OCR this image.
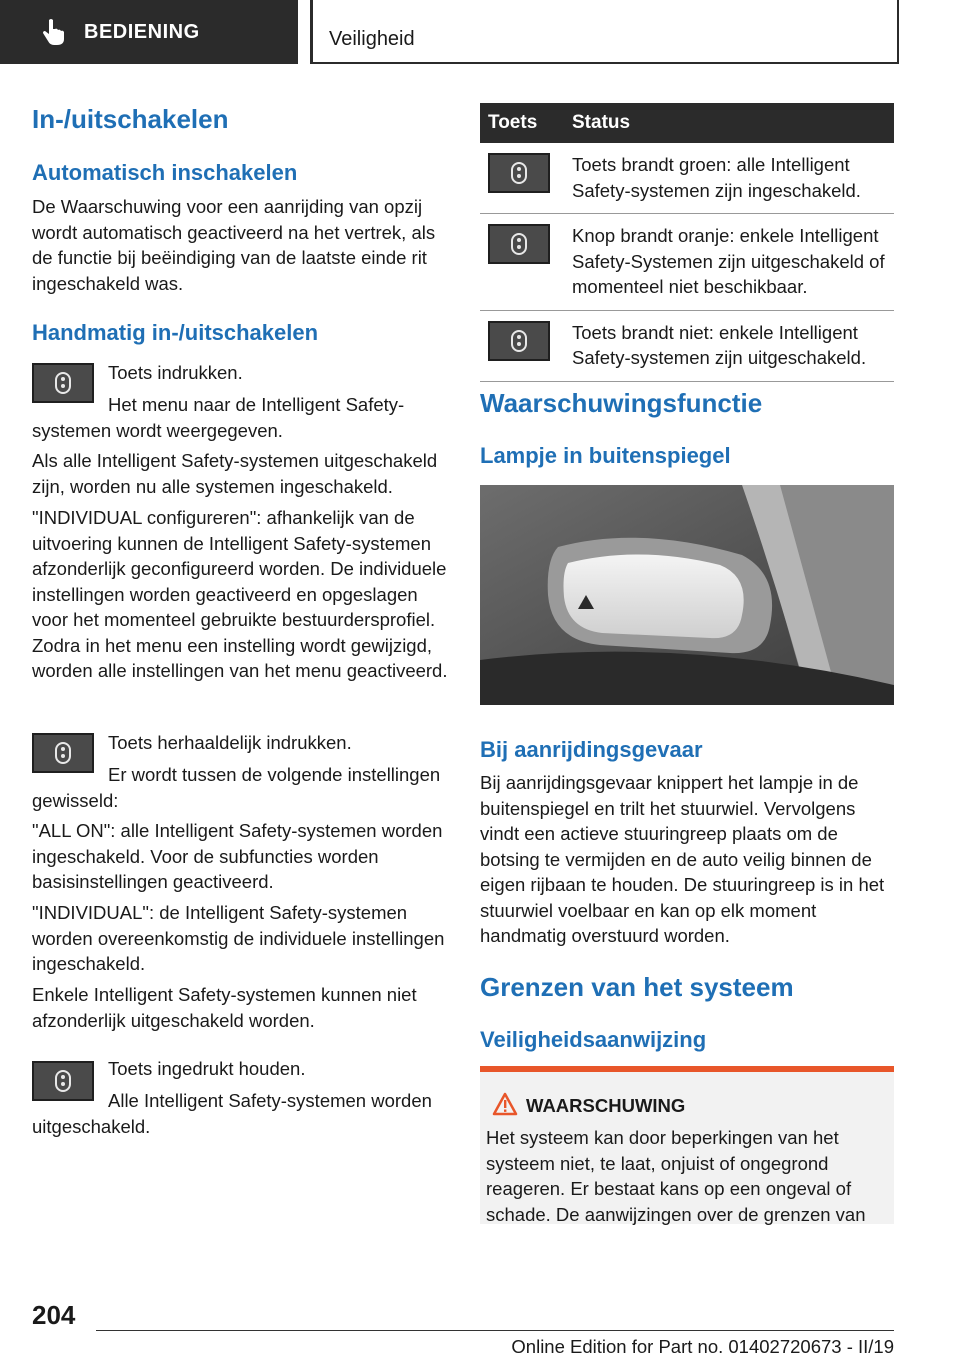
BEDIENING	Veiligheid
In-/uitschakelen
Automatisch inschakelen
De Waarschuwing voor een aanrijding van opzij wordt automatisch geactiveerd na het vertrek, als de functie bij beëindiging van de laatste einde rit ingeschakeld was.
Handmatig in-/uitschakelen
Toets indrukken.
Het menu naar de Intelligent Safety-systemen wordt weergegeven.
Als alle Intelligent Safety-systemen uitgeschakeld zijn, worden nu alle systemen ingeschakeld.
"INDIVIDUAL configureren": afhankelijk van de uitvoering kunnen de Intelligent Safety-systemen afzonderlijk geconfigureerd worden. De individuele instellingen worden geactiveerd en opgeslagen voor het momenteel gebruikte bestuurdersprofiel. Zodra in het menu een instelling wordt gewijzigd, worden alle instellingen van het menu geactiveerd.
Toets herhaaldelijk indrukken.
Er wordt tussen de volgende instellingen gewisseld:
"ALL ON": alle Intelligent Safety-systemen worden ingeschakeld. Voor de subfuncties worden basisinstellingen geactiveerd.
"INDIVIDUAL": de Intelligent Safety-systemen worden overeenkomstig de individuele instellingen ingeschakeld.
Enkele Intelligent Safety-systemen kunnen niet afzonderlijk uitgeschakeld worden.
Toets ingedrukt houden.
Alle Intelligent Safety-systemen worden uitgeschakeld.
Toets	Status

	Toets brandt groen: alle Intelligent Safety-systemen zijn ingeschakeld.

	Knop brandt oranje: enkele Intelligent Safety-Systemen zijn uitgeschakeld of momenteel niet beschikbaar.

	Toets brandt niet: enkele Intelligent Safety-systemen zijn uitgeschakeld.
Waarschuwingsfunctie
Lampje in buitenspiegel
Bij aanrijdingsgevaar
Bij aanrijdingsgevaar knippert het lampje in de buitenspiegel en trilt het stuurwiel. Vervolgens vindt een actieve stuuringreep plaats om de botsing te vermijden en de auto veilig binnen de eigen rijbaan te houden. De stuuringreep is in het stuurwiel voelbaar en kan op elk moment handmatig overstuurd worden.
Grenzen van het systeem
Veiligheidsaanwijzing
WAARSCHUWING
Het systeem kan door beperkingen van het systeem niet, te laat, onjuist of ongegrond reageren. Er bestaat kans op een ongeval of schade. De aanwijzingen over de grenzen van
204
Online Edition for Part no. 01402720673 - II/19
